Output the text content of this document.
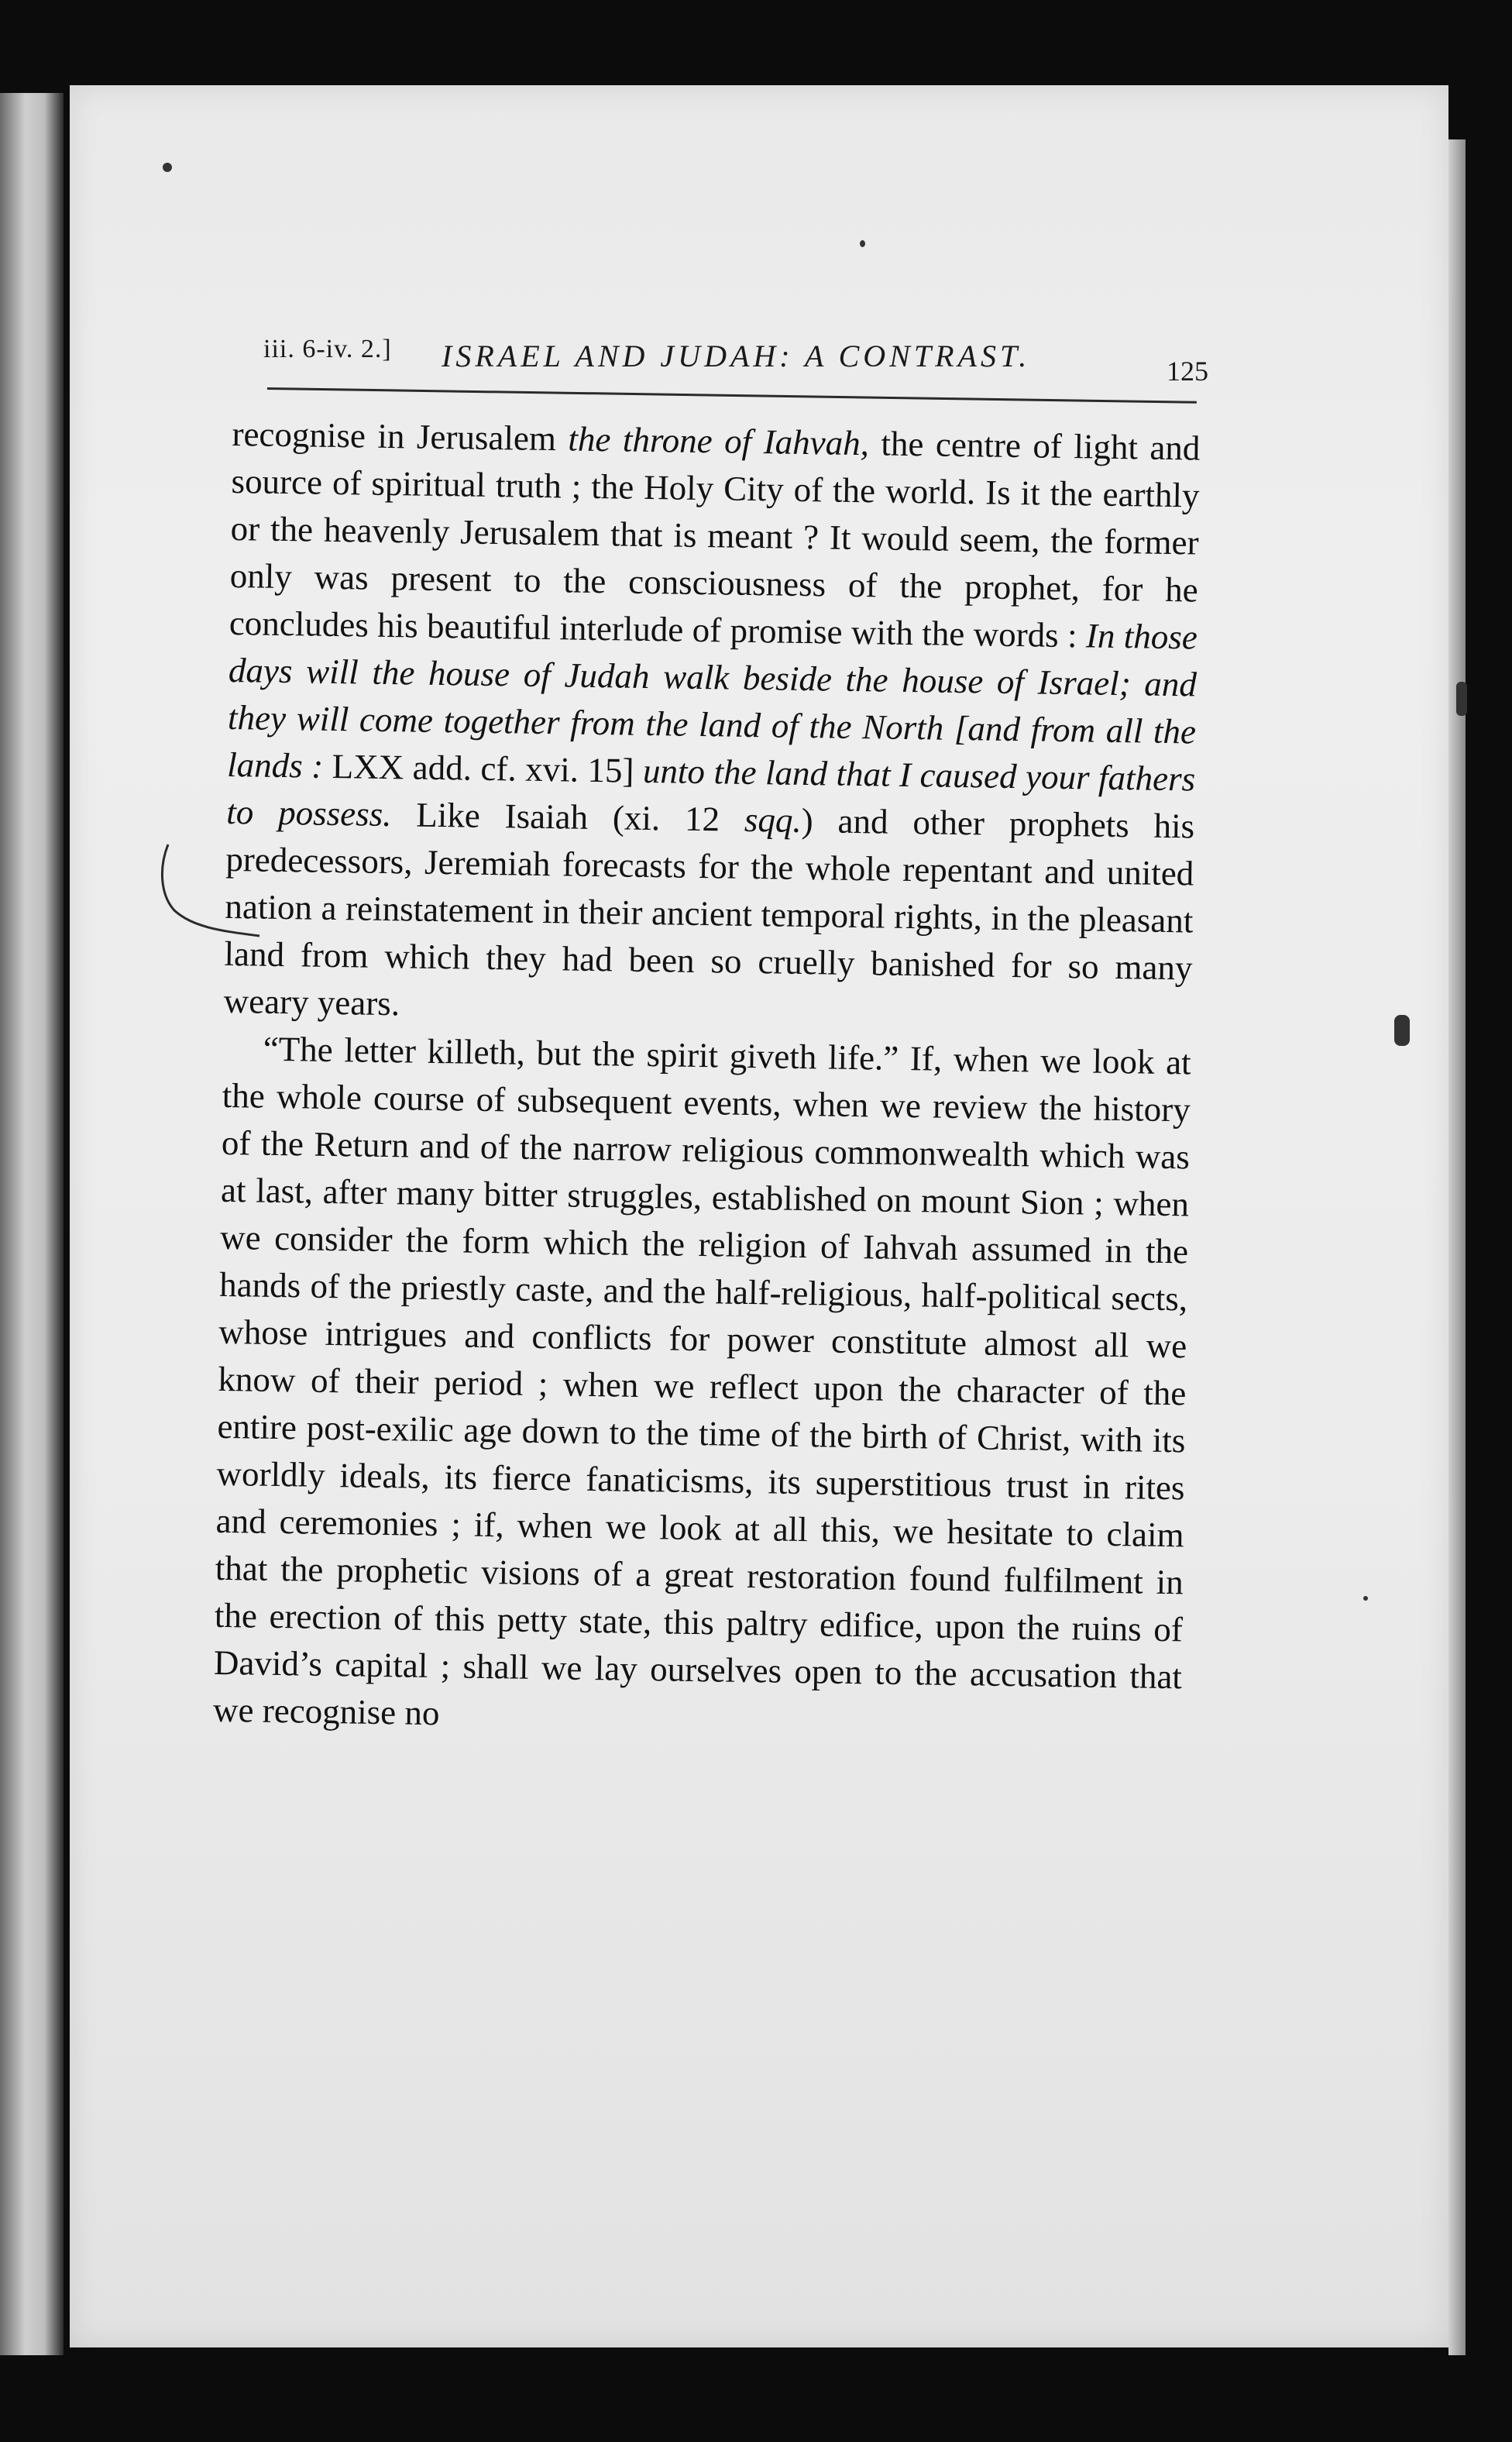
iii. 6-iv. 2.] ISRAEL AND JUDAH: A CONTRAST.	125

recognise in Jerusalem the throne of Iahvah, the centre of light and source of spiritual truth ; the Holy City of the world. Is it the earthly or the heavenly Jerusalem that is meant ? It would seem, the former only was present to the consciousness of the prophet, for he concludes his beautiful interlude of promise with the words : In those days will the house of Judah walk beside the house of Israel; and they will come together from the land of the North [and from all the lands : LXX add. cf. xvi. 15] unto the land that I caused your fathers to possess. Like Isaiah (xi. 12 sqq.) and other prophets his predecessors, Jeremiah forecasts for the whole repentant and united nation a reinstatement in their ancient temporal rights, in the pleasant land from which they had been so cruelly banished for so many weary years.

“The letter killeth, but the spirit giveth life.” If, when we look at the whole course of subsequent events, when we review the history of the Return and of the narrow religious commonwealth which was at last, after many bitter struggles, established on mount Sion ; when we consider the form which the religion of Iahvah assumed in the hands of the priestly caste, and the half-religious, half-political sects, whose intrigues and conflicts for power constitute almost all we know of their period ; when we reflect upon the character of the entire post-exilic age down to the time of the birth of Christ, with its worldly ideals, its fierce fanaticisms, its superstitious trust in rites and ceremonies ; if, when we look at all this, we hesitate to claim that the prophetic visions of a great restoration found fulfilment in the erection of this petty state, this paltry edifice, upon the ruins of David’s capital ; shall we lay ourselves open to the accusation that we recognise no
